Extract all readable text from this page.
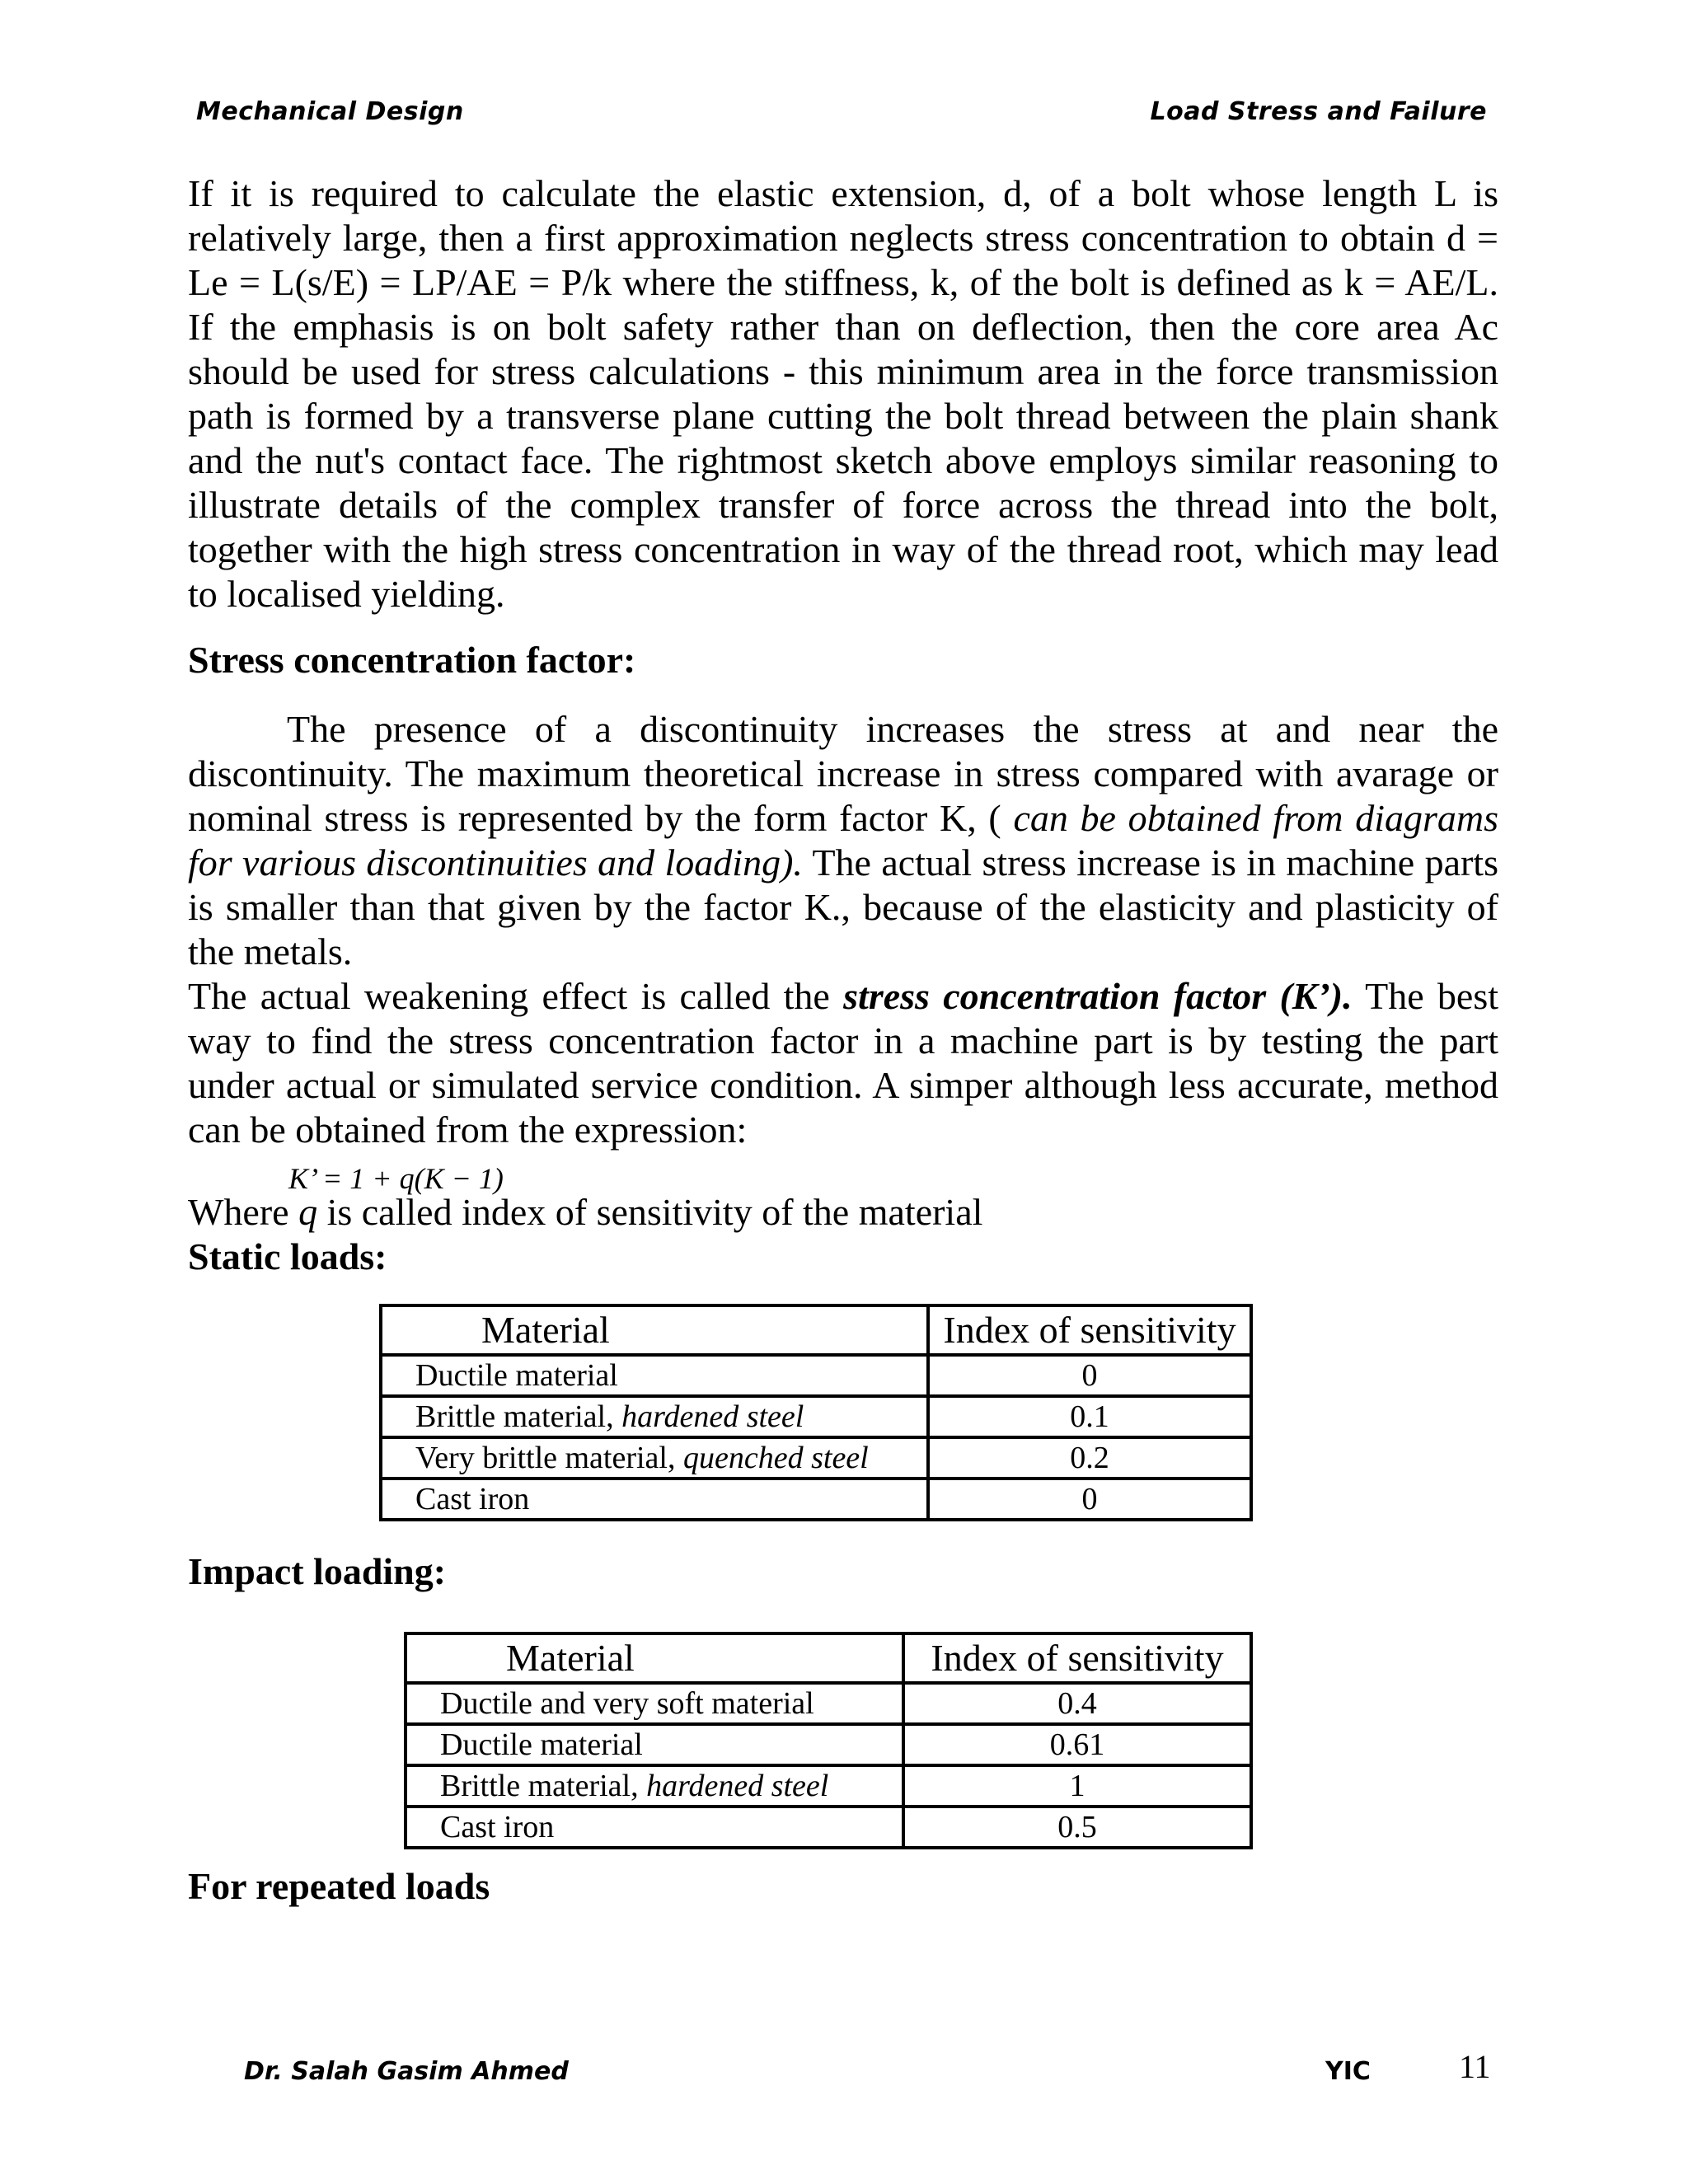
Mechanical Design	Load Stress and Failure

If it is required to calculate the elastic extension, d, of a bolt whose length L is relatively large, then a first approximation neglects stress concentration to obtain d = Le = L(s/E) = LP/AE = P/k where the stiffness, k, of the bolt is defined as k = AE/L. If the emphasis is on bolt safety rather than on deflection, then the core area Ac should be used for stress calculations - this minimum area in the force transmission path is formed by a transverse plane cutting the bolt thread between the plain shank and the nut's contact face. The rightmost sketch above employs similar reasoning to illustrate details of the complex transfer of force across the thread into the bolt, together with the high stress concentration in way of the thread root, which may lead to localised yielding.

Stress concentration factor:

The presence of a discontinuity increases the stress at and near the discontinuity. The maximum theoretical increase in stress compared with avarage or nominal stress is represented by the form factor K, ( can be obtained from diagrams for various discontinuities and loading). The actual stress increase is in machine parts is smaller than that given by the factor K., because of the elasticity and plasticity of the metals.

The actual weakening effect is called the stress concentration factor (K’). The best way to find the stress concentration factor in a machine part is by testing the part under actual or simulated service condition. A simper although less accurate, method can be obtained from the expression:

K’ = 1 + q(K − 1)

Where q is called index of sensitivity of the material

Static loads:
Material	Index of sensitivity
Ductile material	0
Brittle material, hardened steel	0.1
Very brittle material, quenched steel	0.2
Cast iron	0
Impact loading:
Material	Index of sensitivity
Ductile and very soft material	0.4
Ductile material	0.61
Brittle material, hardened steel	1
Cast iron	0.5
For repeated loads
Dr. Salah Gasim Ahmed	YIC	11
